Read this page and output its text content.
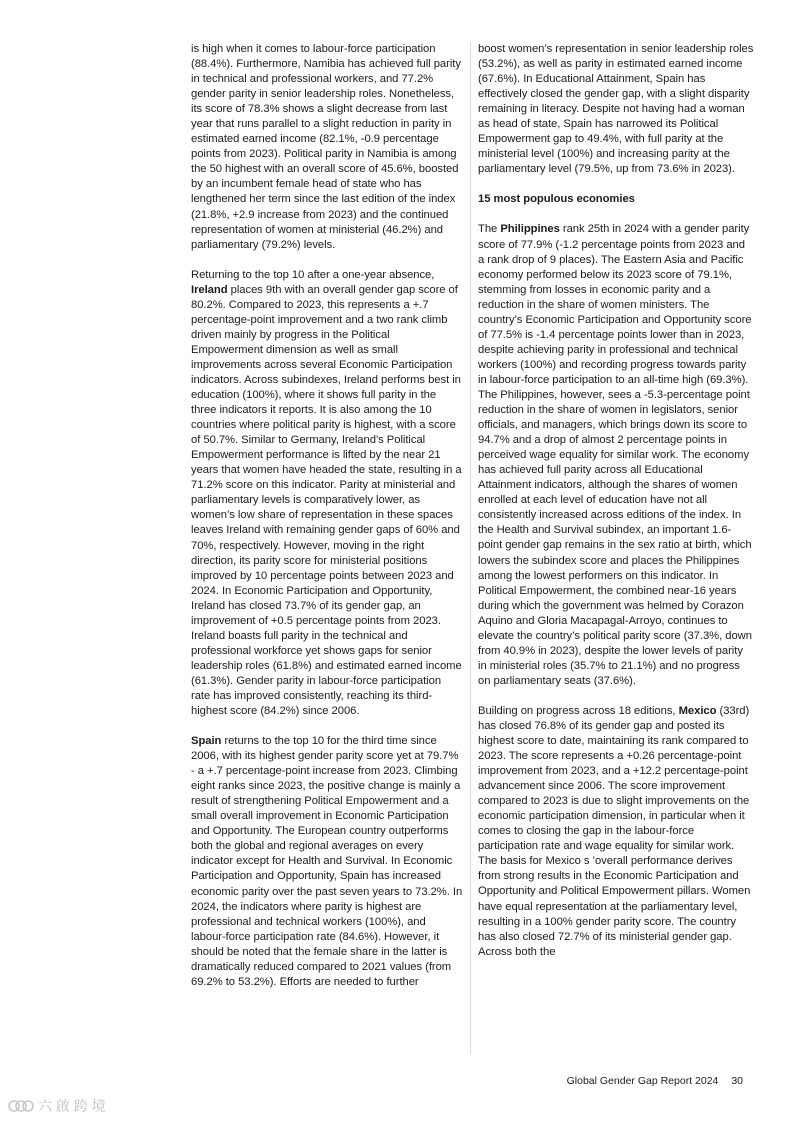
is high when it comes to labour-force participation (88.4%). Furthermore, Namibia has achieved full parity in technical and professional workers, and 77.2% gender parity in senior leadership roles. Nonetheless, its score of 78.3% shows a slight decrease from last year that runs parallel to a slight reduction in parity in estimated earned income (82.1%, -0.9 percentage points from 2023). Political parity in Namibia is among the 50 highest with an overall score of 45.6%, boosted by an incumbent female head of state who has lengthened her term since the last edition of the index (21.8%, +2.9 increase from 2023) and the continued representation of women at ministerial (46.2%) and parliamentary (79.2%) levels.

Returning to the top 10 after a one-year absence, Ireland places 9th with an overall gender gap score of 80.2%. Compared to 2023, this represents a +.7 percentage-point improvement and a two rank climb driven mainly by progress in the Political Empowerment dimension as well as small improvements across several Economic Participation indicators. Across subindexes, Ireland performs best in education (100%), where it shows full parity in the three indicators it reports. It is also among the 10 countries where political parity is highest, with a score of 50.7%. Similar to Germany, Ireland’s Political Empowerment performance is lifted by the near 21 years that women have headed the state, resulting in a 71.2% score on this indicator. Parity at ministerial and parliamentary levels is comparatively lower, as women’s low share of representation in these spaces leaves Ireland with remaining gender gaps of 60% and 70%, respectively. However, moving in the right direction, its parity score for ministerial positions improved by 10 percentage points between 2023 and 2024. In Economic Participation and Opportunity, Ireland has closed 73.7% of its gender gap, an improvement of +0.5 percentage points from 2023. Ireland boasts full parity in the technical and professional workforce yet shows gaps for senior leadership roles (61.8%) and estimated earned income (61.3%). Gender parity in labour-force participation rate has improved consistently, reaching its third-highest score (84.2%) since 2006.

Spain returns to the top 10 for the third time since 2006, with its highest gender parity score yet at 79.7% - a +.7 percentage-point increase from 2023. Climbing eight ranks since 2023, the positive change is mainly a result of strengthening Political Empowerment and a small overall improvement in Economic Participation and Opportunity. The European country outperforms both the global and regional averages on every indicator except for Health and Survival. In Economic Participation and Opportunity, Spain has increased economic parity over the past seven years to 73.2%. In 2024, the indicators where parity is highest are professional and technical workers (100%), and labour-force participation rate (84.6%). However, it should be noted that the female share in the latter is dramatically reduced compared to 2021 values (from 69.2% to 53.2%). Efforts are needed to further

boost women’s representation in senior leadership roles (53.2%), as well as parity in estimated earned income (67.6%). In Educational Attainment, Spain has effectively closed the gender gap, with a slight disparity remaining in literacy. Despite not having had a woman as head of state, Spain has narrowed its Political Empowerment gap to 49.4%, with full parity at the ministerial level (100%) and increasing parity at the parliamentary level (79.5%, up from 73.6% in 2023).

15 most populous economies

The Philippines rank 25th in 2024 with a gender parity score of 77.9% (-1.2 percentage points from 2023 and a rank drop of 9 places). The Eastern Asia and Pacific economy performed below its 2023 score of 79.1%, stemming from losses in economic parity and a reduction in the share of women ministers. The country’s Economic Participation and Opportunity score of 77.5% is -1.4 percentage points lower than in 2023, despite achieving parity in professional and technical workers (100%) and recording progress towards parity in labour-force participation to an all-time high (69.3%). The Philippines, however, sees a -5.3-percentage point reduction in the share of women in legislators, senior officials, and managers, which brings down its score to 94.7% and a drop of almost 2 percentage points in perceived wage equality for similar work. The economy has achieved full parity across all Educational Attainment indicators, although the shares of women enrolled at each level of education have not all consistently increased across editions of the index. In the Health and Survival subindex, an important 1.6-point gender gap remains in the sex ratio at birth, which lowers the subindex score and places the Philippines among the lowest performers on this indicator. In Political Empowerment, the combined near-16 years during which the government was helmed by Corazon Aquino and Gloria Macapagal-Arroyo, continues to elevate the country’s political parity score (37.3%, down from 40.9% in 2023), despite the lower levels of parity in ministerial roles (35.7% to 21.1%) and no progress on parliamentary seats (37.6%).

Building on progress across 18 editions, Mexico (33rd) has closed 76.8% of its gender gap and posted its highest score to date, maintaining its rank compared to 2023. The score represents a +0.26 percentage-point improvement from 2023, and a +12.2 percentage-point advancement since 2006. The score improvement compared to 2023 is due to slight improvements on the economic participation dimension, in particular when it comes to closing the gap in the labour-force participation rate and wage equality for similar work. The basis for Mexico s ’overall performance derives from strong results in the Economic Participation and Opportunity and Political Empowerment pillars. Women have equal representation at the parliamentary level, resulting in a 100% gender parity score. The country has also closed 72.7% of its ministerial gender gap. Across both the

Global Gender Gap Report 2024 30
六 啟 跨 境
